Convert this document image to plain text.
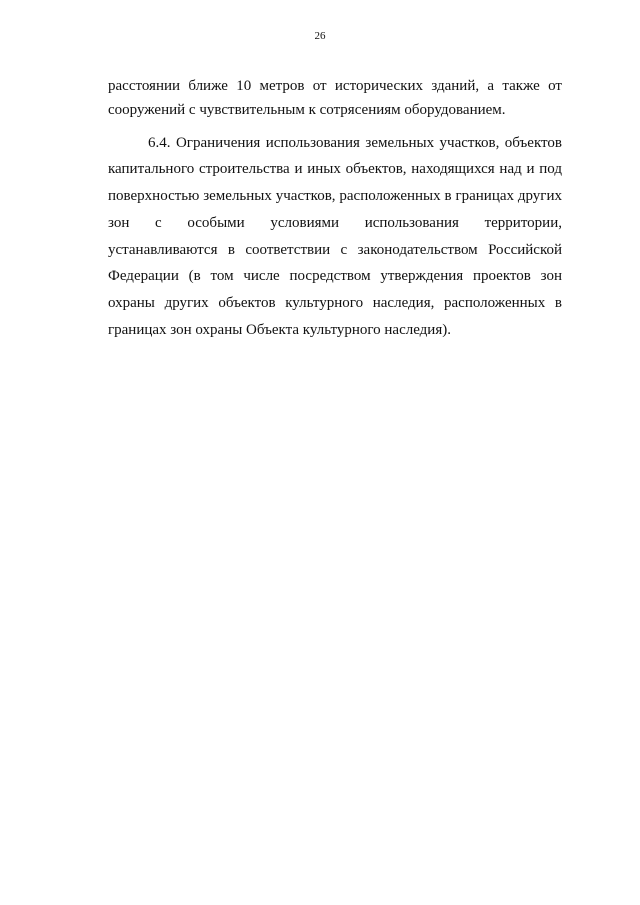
26
расстоянии ближе 10 метров от исторических зданий, а также от
сооружений с чувствительным к сотрясениям оборудованием.
6.4. Ограничения использования земельных участков, объектов
капитального строительства и иных объектов, находящихся над и под
поверхностью земельных участков, расположенных в границах других
зон с особыми условиями использования территории,
устанавливаются в соответствии с законодательством Российской
Федерации (в том числе посредством утверждения проектов зон
охраны других объектов культурного наследия, расположенных в
границах зон охраны Объекта культурного наследия).
